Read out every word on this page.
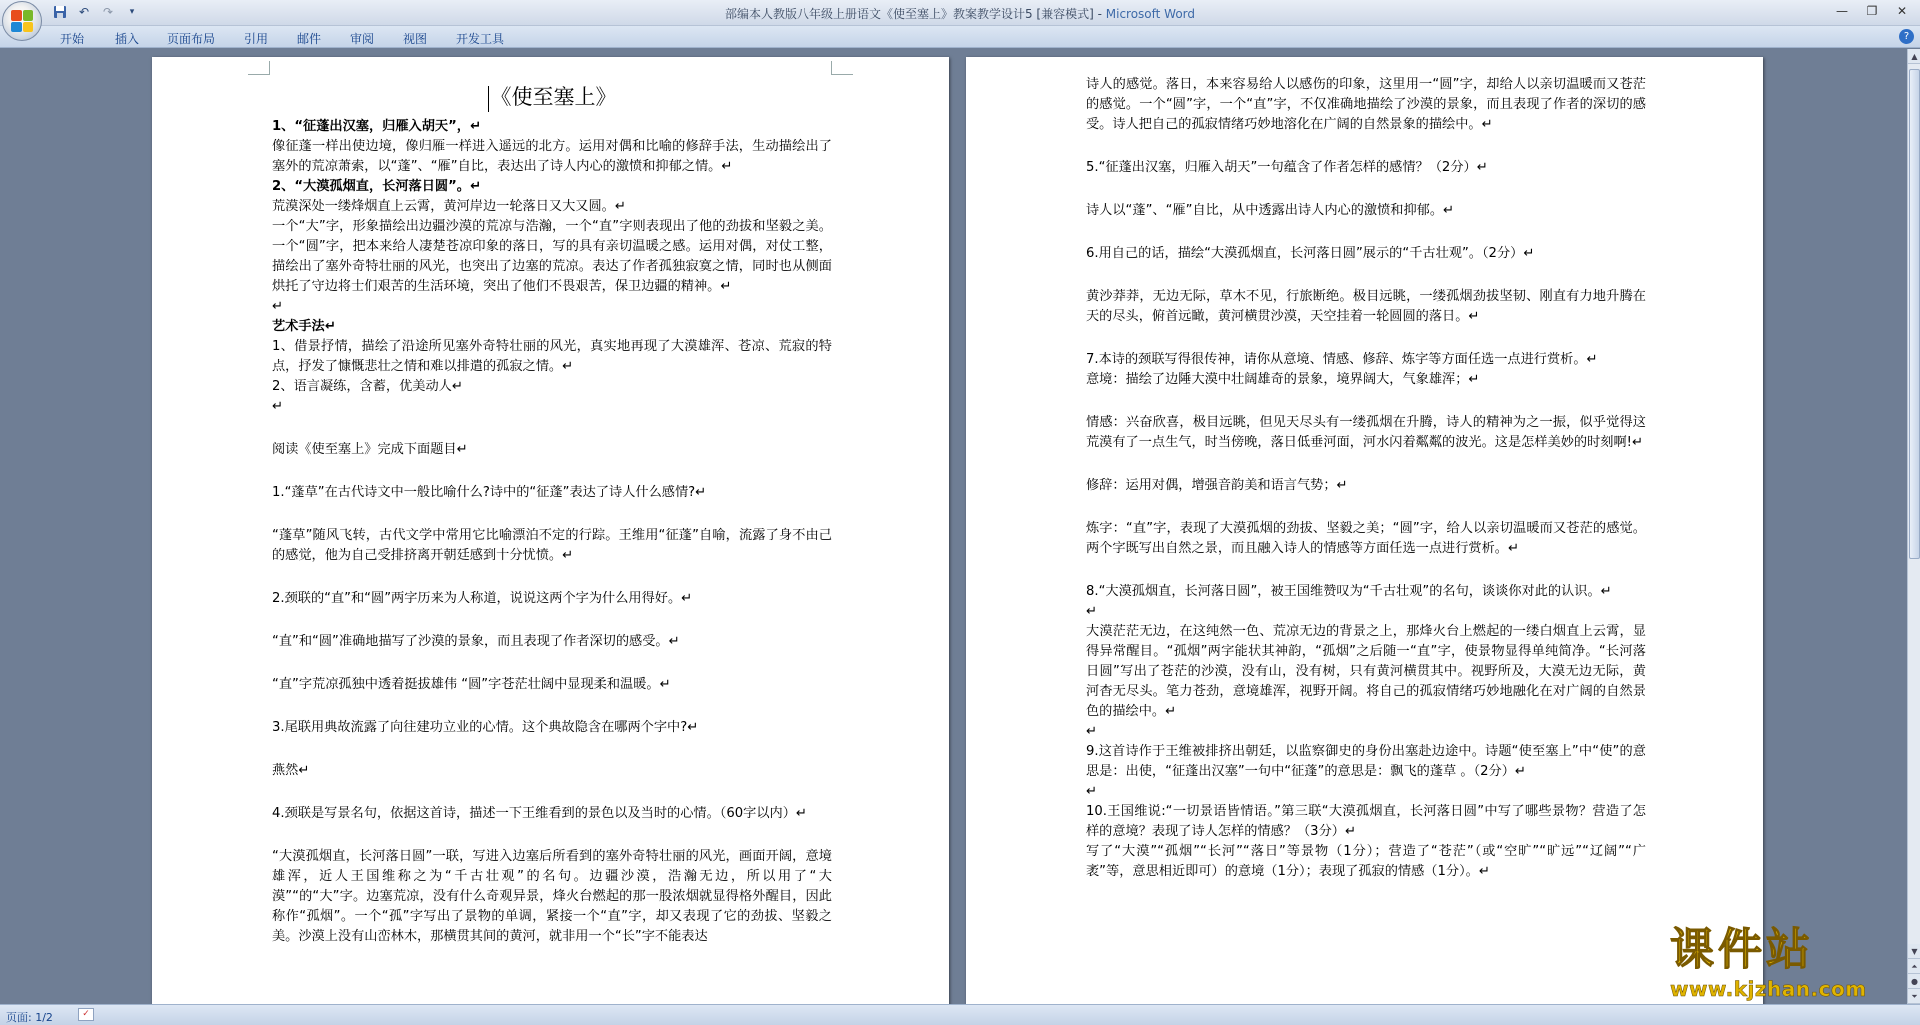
↶	↷	▾	部编本人教版八年级上册语文《使至塞上》教案教学设计5 [兼容模式] - Microsoft Word	—	❐	✕
开始	插入 页面布局 引用 邮件 审阅 视图 开发工具	?
《使至塞上》
1、“征蓬出汉塞，归雁入胡天”，↵
像征蓬一样出使边境，像归雁一样进入遥远的北方。运用对偶和比喻的修辞手法，生动描绘出了塞外的荒凉萧索，以“蓬”、“雁”自比，表达出了诗人内心的激愤和抑郁之情。↵
2、“大漠孤烟直，长河落日圆”。↵
荒漠深处一缕烽烟直上云霄，黄河岸边一轮落日又大又圆。↵
一个“大”字，形象描绘出边疆沙漠的荒凉与浩瀚，一个“直”字则表现出了他的劲拔和坚毅之美。一个“圆”字，把本来给人凄楚苍凉印象的落日，写的具有亲切温暖之感。运用对偶，对仗工整，描绘出了塞外奇特壮丽的风光，也突出了边塞的荒凉。表达了作者孤独寂寞之情，同时也从侧面烘托了守边将士们艰苦的生活环境，突出了他们不畏艰苦，保卫边疆的精神。↵
↵
艺术手法↵
1、借景抒情，描绘了沿途所见塞外奇特壮丽的风光，真实地再现了大漠雄浑、苍凉、荒寂的特点，抒发了慷慨悲壮之情和难以排遣的孤寂之情。↵
2、语言凝练，含蓄，优美动人↵
↵
阅读《使至塞上》完成下面题目↵
1.“蓬草”在古代诗文中一般比喻什么?诗中的“征蓬”表达了诗人什么感情?↵
“蓬草”随风飞转，古代文学中常用它比喻漂泊不定的行踪。王维用“征蓬”自喻，流露了身不由己的感觉，他为自己受排挤离开朝廷感到十分忧愤。↵
2.颈联的“直”和“圆”两字历来为人称道，说说这两个字为什么用得好。↵
“直”和“圆”准确地描写了沙漠的景象，而且表现了作者深切的感受。↵
“直”字荒凉孤独中透着挺拔雄伟 “圆”字苍茫壮阔中显现柔和温暖。↵
3.尾联用典故流露了向往建功立业的心情。这个典故隐含在哪两个字中?↵
燕然↵
4.颈联是写景名句，依据这首诗，描述一下王维看到的景色以及当时的心情。（60字以内）↵
“大漠孤烟直，长河落日圆”一联，写进入边塞后所看到的塞外奇特壮丽的风光，画面开阔，意境雄浑，近人王国维称之为“千古壮观”的名句。边疆沙漠，浩瀚无边，所以用了“大漠”“的“大”字。边塞荒凉，没有什么奇观异景，烽火台燃起的那一股浓烟就显得格外醒目，因此称作“孤烟”。一个“孤”字写出了景物的单调，紧接一个“直”字，却又表现了它的劲拔、坚毅之美。沙漠上没有山峦林木，那横贯其间的黄河，就非用一个“长”字不能表达
诗人的感觉。落日，本来容易给人以感伤的印象，这里用一“圆”字，却给人以亲切温暖而又苍茫的感觉。一个“圆”字，一个“直”字，不仅准确地描绘了沙漠的景象，而且表现了作者的深切的感受。诗人把自己的孤寂情绪巧妙地溶化在广阔的自然景象的描绘中。↵
5.“征蓬出汉塞，归雁入胡天”一句蕴含了作者怎样的感情？（2分）↵
诗人以“蓬”、“雁”自比，从中透露出诗人内心的激愤和抑郁。↵
6.用自己的话，描绘“大漠孤烟直，长河落日圆”展示的“千古壮观”。（2分）↵
黄沙莽莽，无边无际，草木不见，行旅断绝。极目远眺，一缕孤烟劲拔坚韧、刚直有力地升腾在天的尽头，俯首远瞰，黄河横贯沙漠，天空挂着一轮圆圆的落日。↵
7.本诗的颈联写得很传神，请你从意境、情感、修辞、炼字等方面任选一点进行赏析。↵
意境：描绘了边陲大漠中壮阔雄奇的景象，境界阔大，气象雄浑；↵
情感：兴奋欣喜，极目远眺，但见天尽头有一缕孤烟在升腾，诗人的精神为之一振，似乎觉得这荒漠有了一点生气，时当傍晚，落日低垂河面，河水闪着粼粼的波光。这是怎样美妙的时刻啊!↵
修辞：运用对偶，增强音韵美和语言气势；↵
炼字：“直”字，表现了大漠孤烟的劲拔、坚毅之美；“圆”字，给人以亲切温暖而又苍茫的感觉。两个字既写出自然之景，而且融入诗人的情感等方面任选一点进行赏析。↵
8.“大漠孤烟直，长河落日圆”，被王国维赞叹为“千古壮观”的名句，谈谈你对此的认识。↵
↵
大漠茫茫无边，在这纯然一色、荒凉无边的背景之上，那烽火台上燃起的一缕白烟直上云霄，显得异常醒目。“孤烟”两字能状其神韵，“孤烟”之后随一“直”字，使景物显得单纯简净。“长河落日圆”写出了苍茫的沙漠，没有山，没有树，只有黄河横贯其中。视野所及，大漠无边无际，黄河杳无尽头。笔力苍劲，意境雄浑，视野开阔。将自己的孤寂情绪巧妙地融化在对广阔的自然景色的描绘中。↵
↵
9.这首诗作于王维被排挤出朝廷，以监察御史的身份出塞赴边途中。诗题“使至塞上”中“使”的意思是：出使，“征蓬出汉塞”一句中“征蓬”的意思是：飘飞的蓬草 。（2分）↵
↵
10.王国维说:“一切景语皆情语。”第三联“大漠孤烟直，长河落日圆”中写了哪些景物？营造了怎样的意境？表现了诗人怎样的情感？（3分）↵
写了“大漠”“孤烟”“长河”“落日”等景物（1分）；营造了“苍茫”（或“空旷”“旷远”“辽阔”“广袤”等，意思相近即可）的意境（1分）；表现了孤寂的情感（1分）。↵
▲
▼
⏶
●
⏷
页面: 1/2	✓
课件站
www.kjzhan.com
